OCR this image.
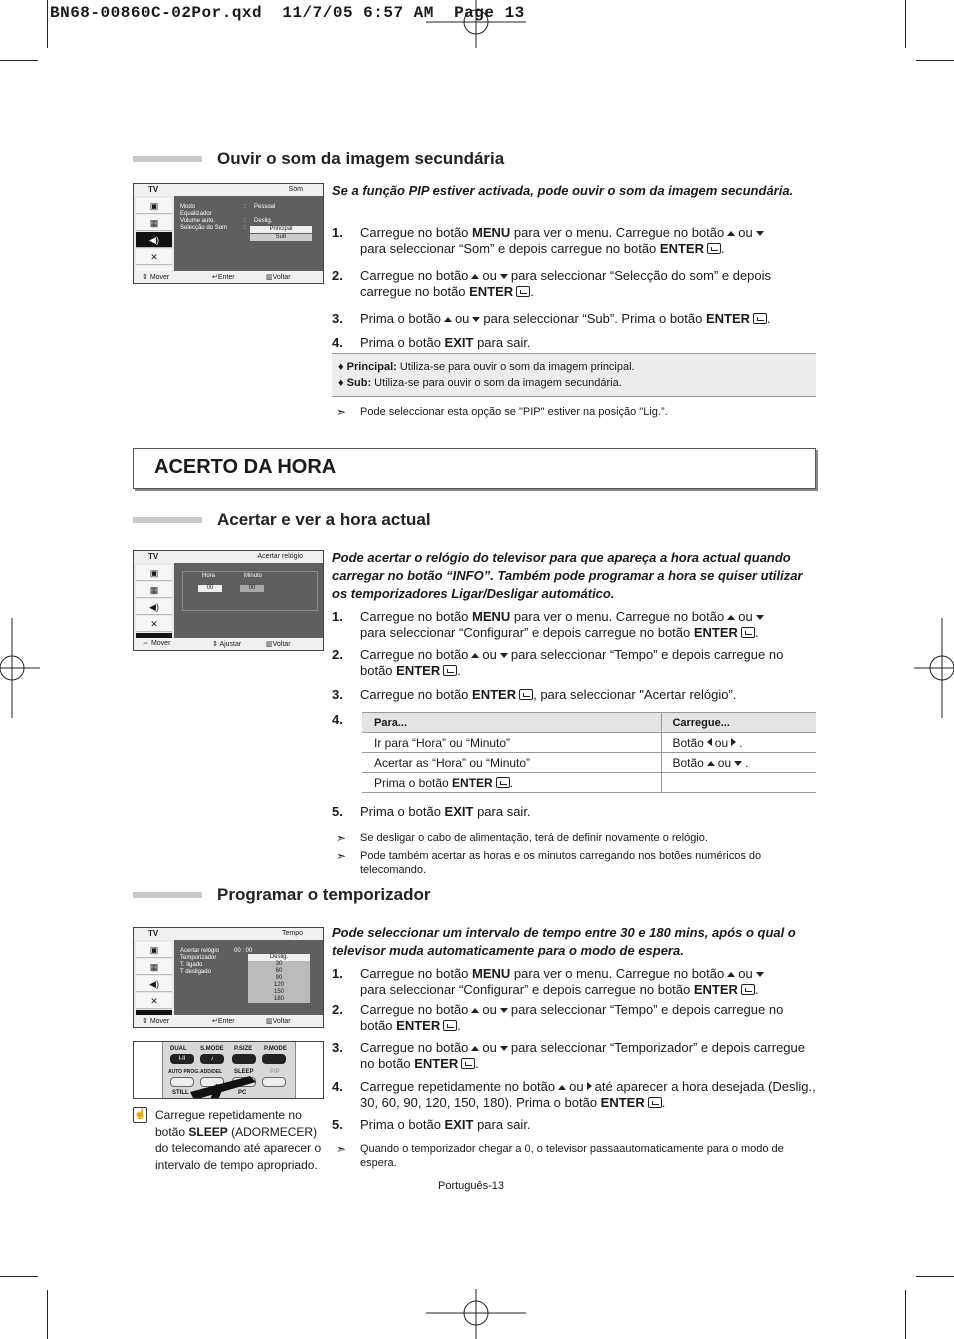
BN68-00860C-02Por.qxd  11/7/05 6:57 AM  Page 13
Ouvir o som da imagem secundária
TV	Som
▣
▦
◀)
✕
Modo
Equalizador
Volume auto.
Selecção do Som
:
:
:
Pessoal
Deslig.
Principal
Sub
⇕ Mover	↵Enter	▥Voltar
Se a função PIP estiver activada, pode ouvir o som da imagem secundária.
1.	Carregue no botão MENU para ver o menu. Carregue no botão ou
para seleccionar “Som” e depois carregue no botão ENTER .
2.	Carregue no botão ou para seleccionar “Selecção do som” e depois carregue no botão ENTER .
3.	Prima o botão ou para seleccionar “Sub”. Prima o botão ENTER .
4.	Prima o botão EXIT para sair.
♦ Principal: Utiliza-se para ouvir o som da imagem principal.
♦ Sub: Utiliza-se para ouvir o som da imagem secundária.
➣ Pode seleccionar esta opção se "PIP" estiver na posição "Lig.”.
ACERTO DA HORA
Acertar e ver a hora actual
TV	Acertar relógio
▣
▦
◀)
✕
Hora	Minuto
00	00
⇔ Mover	⇕ Ajustar	▥Voltar
Pode acertar o relógio do televisor para que apareça a hora actual quando carregar no botão “INFO”. Também pode programar a hora se quiser utilizar os temporizadores Ligar/Desligar automático.
1.	Carregue no botão MENU para ver o menu. Carregue no botão ou
para seleccionar “Configurar” e depois carregue no botão ENTER .
2.	Carregue no botão ou para seleccionar “Tempo” e depois carregue no botão ENTER .
3.	Carregue no botão ENTER , para seleccionar "Acertar relógio”.
4.	Para...	Carregue...
Ir para “Hora” ou “Minuto”	Botão ou .
Acertar as “Hora” ou “Minuto”	Botão ou .
Prima o botão ENTER .	
5.	Prima o botão EXIT para sair.
➣ Se desligar o cabo de alimentação, terá de definir novamente o relógio.
➣ Pode também acertar as horas e os minutos carregando nos botões numéricos do telecomando.
Programar o temporizador
TV	Tempo
▣
▦
◀)
✕
Acertar relógio
Temporizador
T. ligado
T desligado
00 : 00
Deslig.
30
60
90
120
150
180
⇕ Mover	↵Enter	▥Voltar
DUAL S.MODE P.SIZE P.MODE
I-II	♪
AUTO PROG. ADD/DEL SLEEP	PIP
STILL	PC
☝ Carregue repetidamente no botão SLEEP (ADORMECER) do telecomando até aparecer o intervalo de tempo apropriado.
Pode seleccionar um intervalo de tempo entre 30 e 180 mins, após o qual o televisor muda automaticamente para o modo de espera.
1.	Carregue no botão MENU para ver o menu. Carregue no botão ou
para seleccionar “Configurar” e depois carregue no botão ENTER .
2.	Carregue no botão ou para seleccionar “Tempo” e depois carregue no botão ENTER .
3.	Carregue no botão ou para seleccionar “Temporizador” e depois carregue no botão ENTER .
4.	Carregue repetidamente no botão ou até aparecer a hora desejada (Deslig., 30, 60, 90, 120, 150, 180). Prima o botão ENTER .
5.	Prima o botão EXIT para sair.
➣ Quando o temporizador chegar a 0, o televisor passaautomaticamente para o modo de espera.
Português-13
